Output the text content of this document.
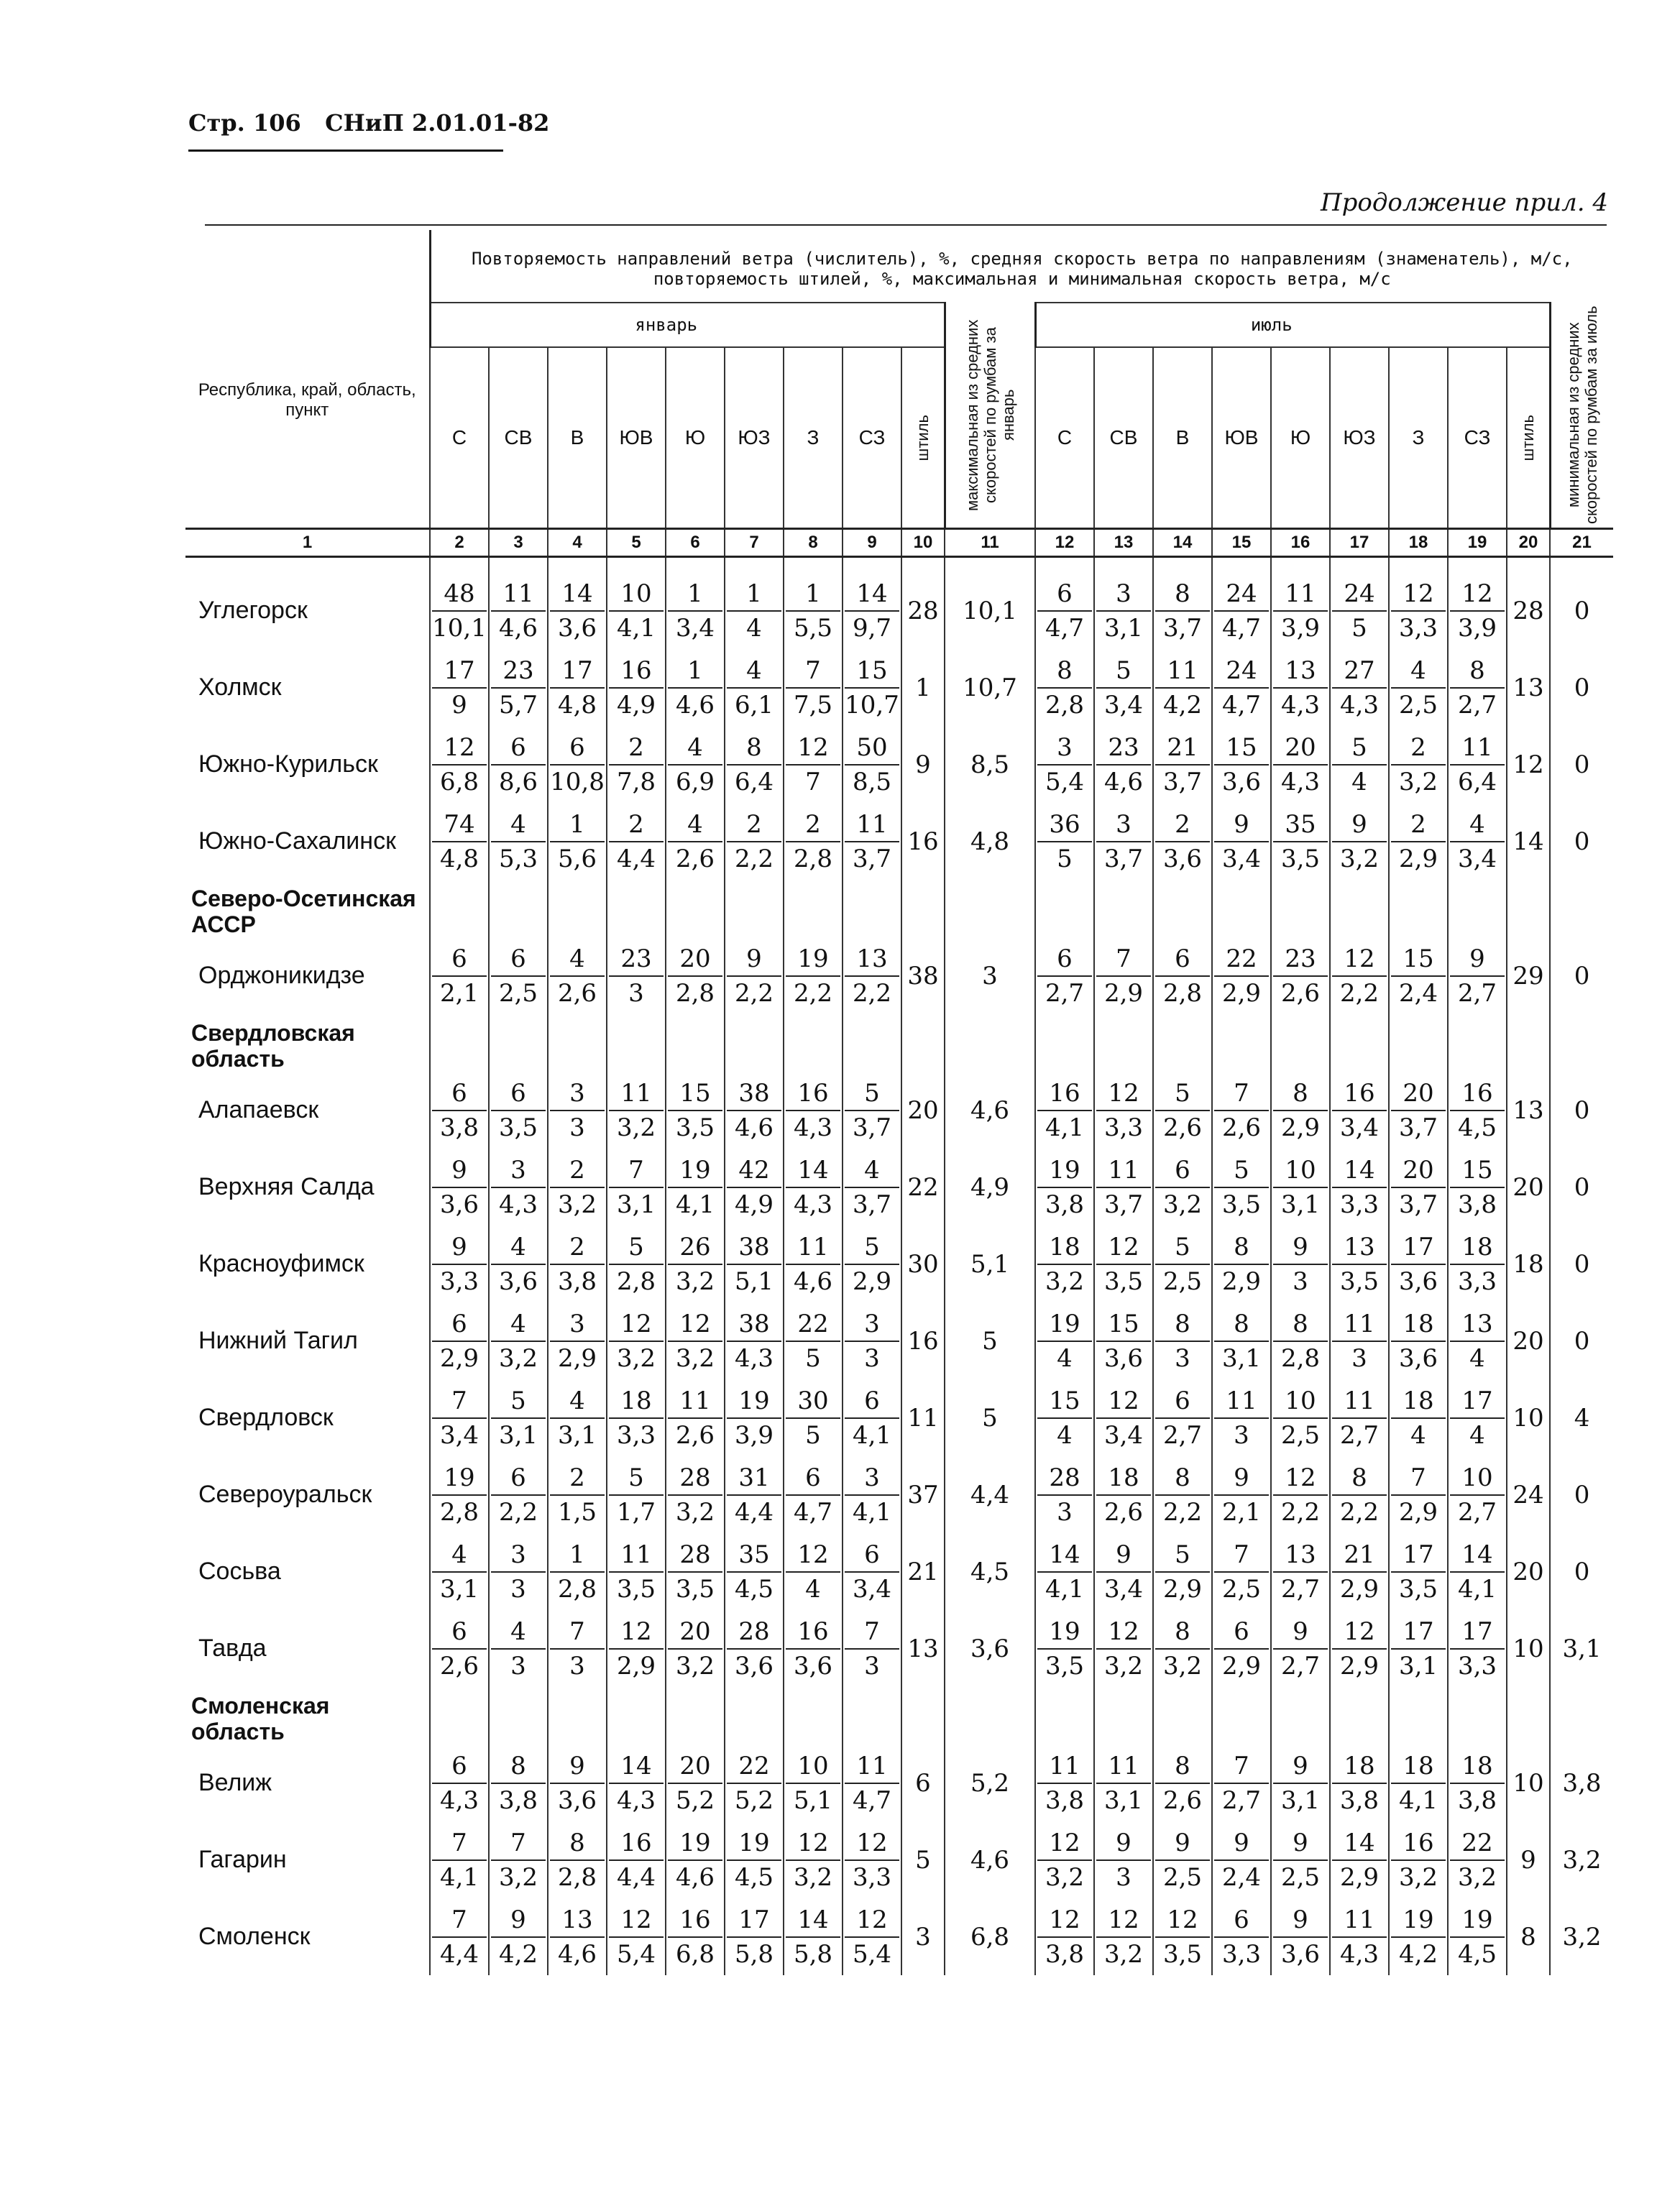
Стр. 106 СНиП 2.01.01-82
Продолжение прил. 4
Республика, край, область, пункт	Повторяемость направлений ветра (числитель), %, средняя скорость ветра по направлениям (знаменатель), м/с, повторяемость штилей, %, максимальная и минимальная скорость ветра, м/с																			
	январь									максимальная из средних скоростей по румбам за январь	июль									минимальная из средних скоростей по румбам за июль

	С	СВ	В	ЮВ	Ю	ЮЗ	З	СЗ	штиль		С	СВ	В	ЮВ	Ю	ЮЗ	З	СЗ	штиль	

1	2	3	4	5	6	7	8	9	10	11	12	13	14	15	16	17	18	19	20	21

Углегорск	$\frac{48}{10,1}$	$\frac{11}{4,6}$	$\frac{14}{3,6}$	$\frac{10}{4,1}$	$\frac{1}{3,4}$	$\frac{1}{4}$	$\frac{1}{5,5}$	$\frac{14}{9,7}$	28	10,1	$\frac{6}{4,7}$	$\frac{3}{3,1}$	$\frac{8}{3,7}$	$\frac{24}{4,7}$	$\frac{11}{3,9}$	$\frac{24}{5}$	$\frac{12}{3,3}$	$\frac{12}{3,9}$	28	0
Холмск	$\frac{17}{9}$	$\frac{23}{5,7}$	$\frac{17}{4,8}$	$\frac{16}{4,9}$	$\frac{1}{4,6}$	$\frac{4}{6,1}$	$\frac{7}{7,5}$	$\frac{15}{10,7}$	1	10,7	$\frac{8}{2,8}$	$\frac{5}{3,4}$	$\frac{11}{4,2}$	$\frac{24}{4,7}$	$\frac{13}{4,3}$	$\frac{27}{4,3}$	$\frac{4}{2,5}$	$\frac{8}{2,7}$	13	0
Южно-Курильск	$\frac{12}{6,8}$	$\frac{6}{8,6}$	$\frac{6}{10,8}$	$\frac{2}{7,8}$	$\frac{4}{6,9}$	$\frac{8}{6,4}$	$\frac{12}{7}$	$\frac{50}{8,5}$	9	8,5	$\frac{3}{5,4}$	$\frac{23}{4,6}$	$\frac{21}{3,7}$	$\frac{15}{3,6}$	$\frac{20}{4,3}$	$\frac{5}{4}$	$\frac{2}{3,2}$	$\frac{11}{6,4}$	12	0
Южно-Сахалинск	$\frac{74}{4,8}$	$\frac{4}{5,3}$	$\frac{1}{5,6}$	$\frac{2}{4,4}$	$\frac{4}{2,6}$	$\frac{2}{2,2}$	$\frac{2}{2,8}$	$\frac{11}{3,7}$	16	4,8	$\frac{36}{5}$	$\frac{3}{3,7}$	$\frac{2}{3,6}$	$\frac{9}{3,4}$	$\frac{35}{3,5}$	$\frac{9}{3,2}$	$\frac{2}{2,9}$	$\frac{4}{3,4}$	14	0
Северо-Осетинская АССР																				
Орджоникидзе	$\frac{6}{2,1}$	$\frac{6}{2,5}$	$\frac{4}{2,6}$	$\frac{23}{3}$	$\frac{20}{2,8}$	$\frac{9}{2,2}$	$\frac{19}{2,2}$	$\frac{13}{2,2}$	38	3	$\frac{6}{2,7}$	$\frac{7}{2,9}$	$\frac{6}{2,8}$	$\frac{22}{2,9}$	$\frac{23}{2,6}$	$\frac{12}{2,2}$	$\frac{15}{2,4}$	$\frac{9}{2,7}$	29	0
Свердловская область																				
Алапаевск	$\frac{6}{3,8}$	$\frac{6}{3,5}$	$\frac{3}{3}$	$\frac{11}{3,2}$	$\frac{15}{3,5}$	$\frac{38}{4,6}$	$\frac{16}{4,3}$	$\frac{5}{3,7}$	20	4,6	$\frac{16}{4,1}$	$\frac{12}{3,3}$	$\frac{5}{2,6}$	$\frac{7}{2,6}$	$\frac{8}{2,9}$	$\frac{16}{3,4}$	$\frac{20}{3,7}$	$\frac{16}{4,5}$	13	0
Верхняя Салда	$\frac{9}{3,6}$	$\frac{3}{4,3}$	$\frac{2}{3,2}$	$\frac{7}{3,1}$	$\frac{19}{4,1}$	$\frac{42}{4,9}$	$\frac{14}{4,3}$	$\frac{4}{3,7}$	22	4,9	$\frac{19}{3,8}$	$\frac{11}{3,7}$	$\frac{6}{3,2}$	$\frac{5}{3,5}$	$\frac{10}{3,1}$	$\frac{14}{3,3}$	$\frac{20}{3,7}$	$\frac{15}{3,8}$	20	0
Красноуфимск	$\frac{9}{3,3}$	$\frac{4}{3,6}$	$\frac{2}{3,8}$	$\frac{5}{2,8}$	$\frac{26}{3,2}$	$\frac{38}{5,1}$	$\frac{11}{4,6}$	$\frac{5}{2,9}$	30	5,1	$\frac{18}{3,2}$	$\frac{12}{3,5}$	$\frac{5}{2,5}$	$\frac{8}{2,9}$	$\frac{9}{3}$	$\frac{13}{3,5}$	$\frac{17}{3,6}$	$\frac{18}{3,3}$	18	0
Нижний Тагил	$\frac{6}{2,9}$	$\frac{4}{3,2}$	$\frac{3}{2,9}$	$\frac{12}{3,2}$	$\frac{12}{3,2}$	$\frac{38}{4,3}$	$\frac{22}{5}$	$\frac{3}{3}$	16	5	$\frac{19}{4}$	$\frac{15}{3,6}$	$\frac{8}{3}$	$\frac{8}{3,1}$	$\frac{8}{2,8}$	$\frac{11}{3}$	$\frac{18}{3,6}$	$\frac{13}{4}$	20	0
Свердловск	$\frac{7}{3,4}$	$\frac{5}{3,1}$	$\frac{4}{3,1}$	$\frac{18}{3,3}$	$\frac{11}{2,6}$	$\frac{19}{3,9}$	$\frac{30}{5}$	$\frac{6}{4,1}$	11	5	$\frac{15}{4}$	$\frac{12}{3,4}$	$\frac{6}{2,7}$	$\frac{11}{3}$	$\frac{10}{2,5}$	$\frac{11}{2,7}$	$\frac{18}{4}$	$\frac{17}{4}$	10	4
Североуральск	$\frac{19}{2,8}$	$\frac{6}{2,2}$	$\frac{2}{1,5}$	$\frac{5}{1,7}$	$\frac{28}{3,2}$	$\frac{31}{4,4}$	$\frac{6}{4,7}$	$\frac{3}{4,1}$	37	4,4	$\frac{28}{3}$	$\frac{18}{2,6}$	$\frac{8}{2,2}$	$\frac{9}{2,1}$	$\frac{12}{2,2}$	$\frac{8}{2,2}$	$\frac{7}{2,9}$	$\frac{10}{2,7}$	24	0
Сосьва	$\frac{4}{3,1}$	$\frac{3}{3}$	$\frac{1}{2,8}$	$\frac{11}{3,5}$	$\frac{28}{3,5}$	$\frac{35}{4,5}$	$\frac{12}{4}$	$\frac{6}{3,4}$	21	4,5	$\frac{14}{4,1}$	$\frac{9}{3,4}$	$\frac{5}{2,9}$	$\frac{7}{2,5}$	$\frac{13}{2,7}$	$\frac{21}{2,9}$	$\frac{17}{3,5}$	$\frac{14}{4,1}$	20	0
Тавда	$\frac{6}{2,6}$	$\frac{4}{3}$	$\frac{7}{3}$	$\frac{12}{2,9}$	$\frac{20}{3,2}$	$\frac{28}{3,6}$	$\frac{16}{3,6}$	$\frac{7}{3}$	13	3,6	$\frac{19}{3,5}$	$\frac{12}{3,2}$	$\frac{8}{3,2}$	$\frac{6}{2,9}$	$\frac{9}{2,7}$	$\frac{12}{2,9}$	$\frac{17}{3,1}$	$\frac{17}{3,3}$	10	3,1
Смоленская область																				
Велиж	$\frac{6}{4,3}$	$\frac{8}{3,8}$	$\frac{9}{3,6}$	$\frac{14}{4,3}$	$\frac{20}{5,2}$	$\frac{22}{5,2}$	$\frac{10}{5,1}$	$\frac{11}{4,7}$	6	5,2	$\frac{11}{3,8}$	$\frac{11}{3,1}$	$\frac{8}{2,6}$	$\frac{7}{2,7}$	$\frac{9}{3,1}$	$\frac{18}{3,8}$	$\frac{18}{4,1}$	$\frac{18}{3,8}$	10	3,8
Гагарин	$\frac{7}{4,1}$	$\frac{7}{3,2}$	$\frac{8}{2,8}$	$\frac{16}{4,4}$	$\frac{19}{4,6}$	$\frac{19}{4,5}$	$\frac{12}{3,2}$	$\frac{12}{3,3}$	5	4,6	$\frac{12}{3,2}$	$\frac{9}{3}$	$\frac{9}{2,5}$	$\frac{9}{2,4}$	$\frac{9}{2,5}$	$\frac{14}{2,9}$	$\frac{16}{3,2}$	$\frac{22}{3,2}$	9	3,2
Смоленск	$\frac{7}{4,4}$	$\frac{9}{4,2}$	$\frac{13}{4,6}$	$\frac{12}{5,4}$	$\frac{16}{6,8}$	$\frac{17}{5,8}$	$\frac{14}{5,8}$	$\frac{12}{5,4}$	3	6,8	$\frac{12}{3,8}$	$\frac{12}{3,2}$	$\frac{12}{3,5}$	$\frac{6}{3,3}$	$\frac{9}{3,6}$	$\frac{11}{4,3}$	$\frac{19}{4,2}$	$\frac{19}{4,5}$	8	3,2
